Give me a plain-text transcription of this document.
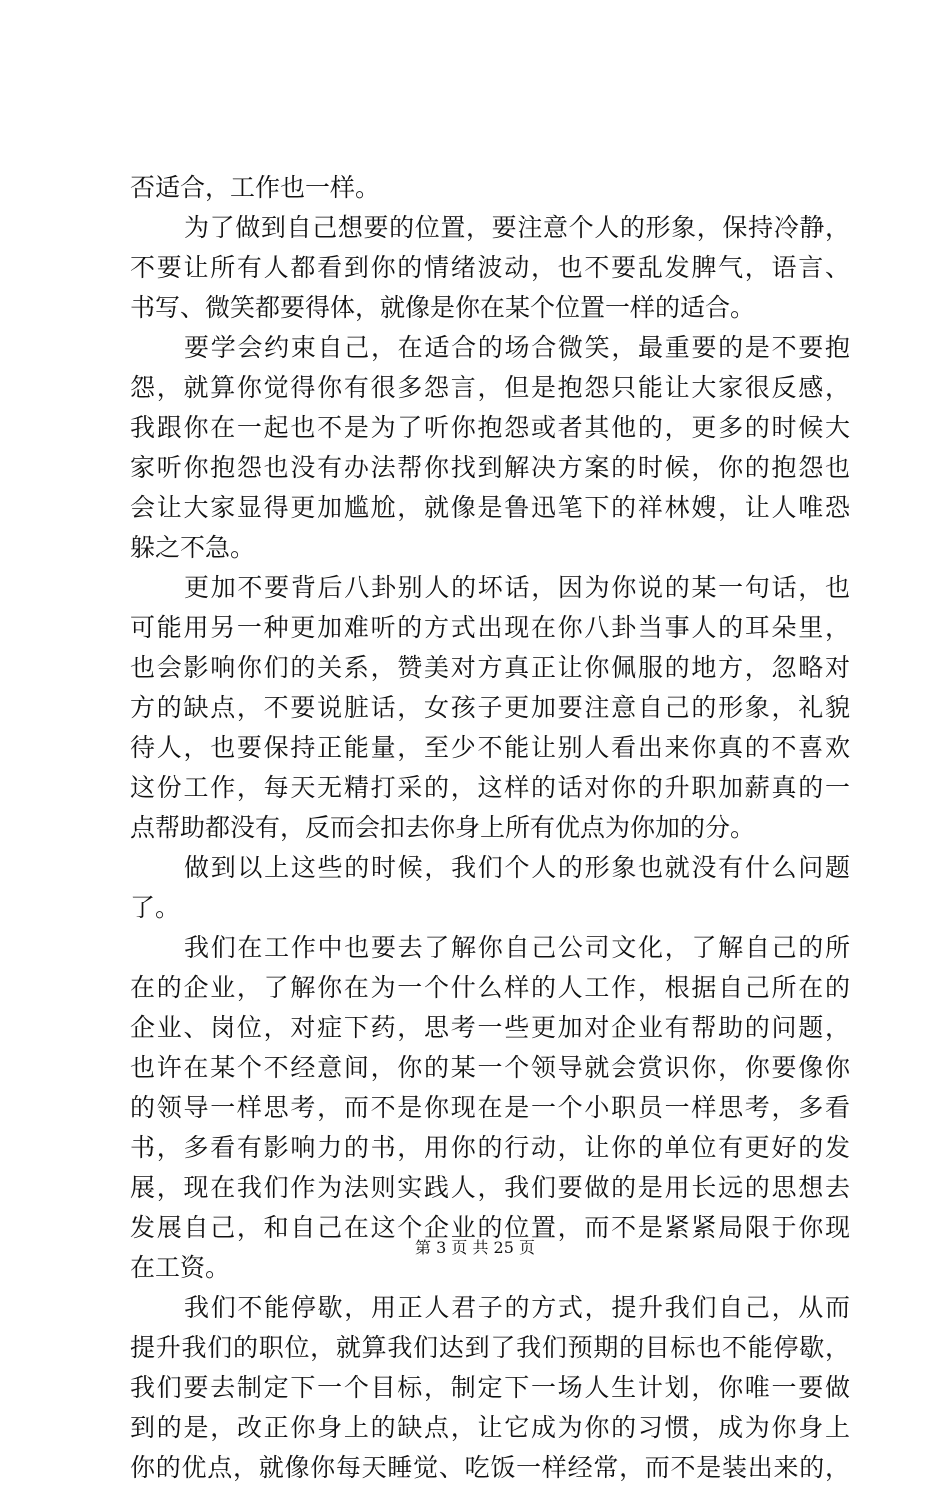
否适合，工作也一样。
为了做到自己想要的位置，要注意个人的形象，保持冷静，
不要让所有人都看到你的情绪波动，也不要乱发脾气，语言、
书写、微笑都要得体，就像是你在某个位置一样的适合。
要学会约束自己，在适合的场合微笑，最重要的是不要抱
怨，就算你觉得你有很多怨言，但是抱怨只能让大家很反感，
我跟你在一起也不是为了听你抱怨或者其他的，更多的时候大
家听你抱怨也没有办法帮你找到解决方案的时候，你的抱怨也
会让大家显得更加尴尬，就像是鲁迅笔下的祥林嫂，让人唯恐
躲之不急。
更加不要背后八卦别人的坏话，因为你说的某一句话，也
可能用另一种更加难听的方式出现在你八卦当事人的耳朵里，
也会影响你们的关系，赞美对方真正让你佩服的地方，忽略对
方的缺点，不要说脏话，女孩子更加要注意自己的形象，礼貌
待人，也要保持正能量，至少不能让别人看出来你真的不喜欢
这份工作，每天无精打采的，这样的话对你的升职加薪真的一
点帮助都没有，反而会扣去你身上所有优点为你加的分。
做到以上这些的时候，我们个人的形象也就没有什么问题
了。
我们在工作中也要去了解你自己公司文化，了解自己的所
在的企业，了解你在为一个什么样的人工作，根据自己所在的
企业、岗位，对症下药，思考一些更加对企业有帮助的问题，
也许在某个不经意间，你的某一个领导就会赏识你，你要像你
的领导一样思考，而不是你现在是一个小职员一样思考，多看
书，多看有影响力的书，用你的行动，让你的单位有更好的发
展，现在我们作为法则实践人，我们要做的是用长远的思想去
发展自己，和自己在这个企业的位置，而不是紧紧局限于你现
在工资。
我们不能停歇，用正人君子的方式，提升我们自己，从而
提升我们的职位，就算我们达到了我们预期的目标也不能停歇，
我们要去制定下一个目标，制定下一场人生计划，你唯一要做
到的是，改正你身上的缺点，让它成为你的习惯，成为你身上
你的优点，就像你每天睡觉、吃饭一样经常，而不是装出来的，
第 3 页 共 25 页
